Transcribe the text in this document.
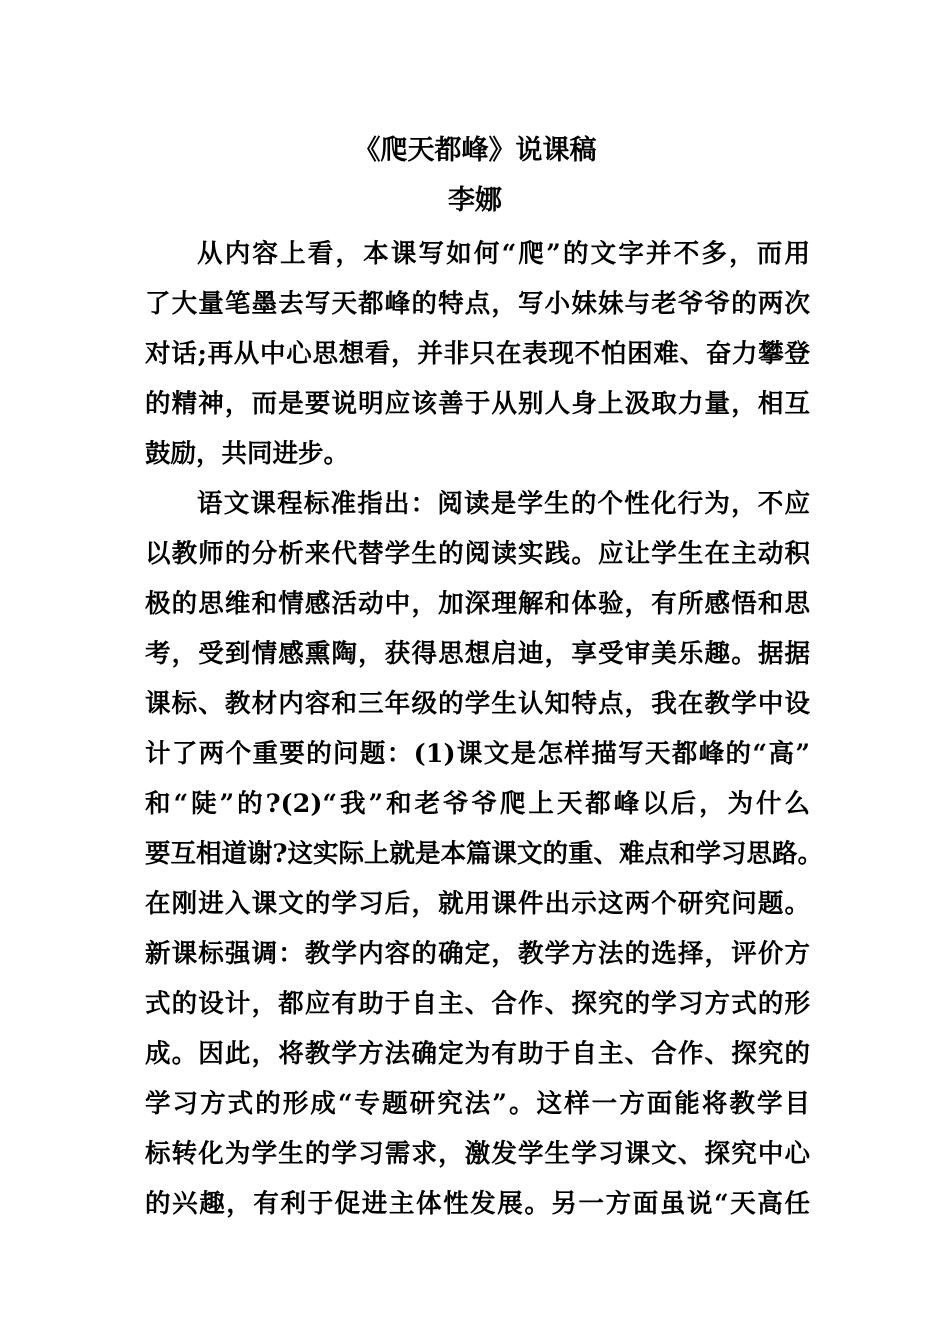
《爬天都峰》说课稿
李娜
从内容上看，本课写如何“爬”的文字并不多，而用
了大量笔墨去写天都峰的特点，写小妹妹与老爷爷的两次
对话;再从中心思想看，并非只在表现不怕困难、奋力攀登
的精神，而是要说明应该善于从别人身上汲取力量，相互
鼓励，共同进步。
语文课程标准指出：阅读是学生的个性化行为，不应
以教师的分析来代替学生的阅读实践。应让学生在主动积
极的思维和情感活动中，加深理解和体验，有所感悟和思
考，受到情感熏陶，获得思想启迪，享受审美乐趣。据据
课标、教材内容和三年级的学生认知特点，我在教学中设
计了两个重要的问题：(1)课文是怎样描写天都峰的“高”
和“陡”的?(2)“我”和老爷爷爬上天都峰以后，为什么
要互相道谢?这实际上就是本篇课文的重、难点和学习思路。
在刚进入课文的学习后，就用课件出示这两个研究问题。
新课标强调：教学内容的确定，教学方法的选择，评价方
式的设计，都应有助于自主、合作、探究的学习方式的形
成。因此，将教学方法确定为有助于自主、合作、探究的
学习方式的形成“专题研究法”。这样一方面能将教学目
标转化为学生的学习需求，激发学生学习课文、探究中心
的兴趣，有利于促进主体性发展。另一方面虽说“天高任
